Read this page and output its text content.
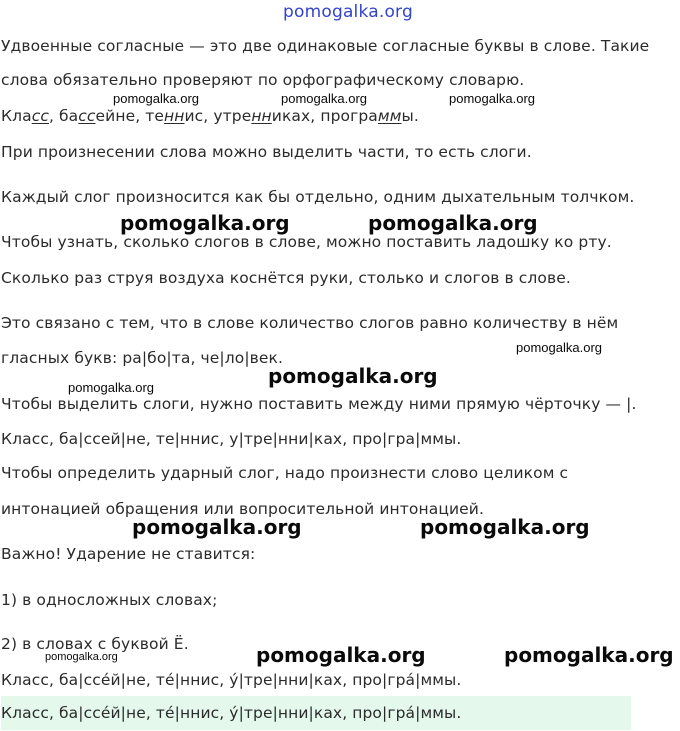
pomogalka.org

pomogalka.org	pomogalka.org	pomogalka.org

pomogalka.org	pomogalka.org

pomogalka.org

pomogalka.org

pomogalka.org

pomogalka.org	pomogalka.org

pomogalka.org	pomogalka.org

pomogalka.org

Удвоенные согласные — это две одинаковые согласные буквы в слове. Такие

слова обязательно проверяют по орфографическому словарю.

Класс, бассейне, теннис, утренниках, программы.

При произнесении слова можно выделить части, то есть слоги.

Каждый слог произносится как бы отдельно, одним дыхательным толчком.

Чтобы узнать, сколько слогов в слове, можно поставить ладошку ко рту.

Сколько раз струя воздуха коснётся руки, столько и слогов в слове.

Это связано с тем, что в слове количество слогов равно количеству в нём

гласных букв: ра|бо|та, че|ло|век.

Чтобы выделить слоги, нужно поставить между ними прямую чёрточку — |.

Класс, ба|ссей|не, те|ннис, у|тре|нни|ках, про|гра|ммы.

Чтобы определить ударный слог, надо произнести слово целиком с

интонацией обращения или вопросительной интонацией.

Важно! Ударение не ставится:

1) в односложных словах;

2) в словах с буквой Ё.

Класс, ба|ссе́й|не, те́|ннис, у́|тре|нни|ках, про|гра́|ммы.

Класс, ба|ссе́й|не, те́|ннис, у́|тре|нни|ках, про|гра́|ммы.
